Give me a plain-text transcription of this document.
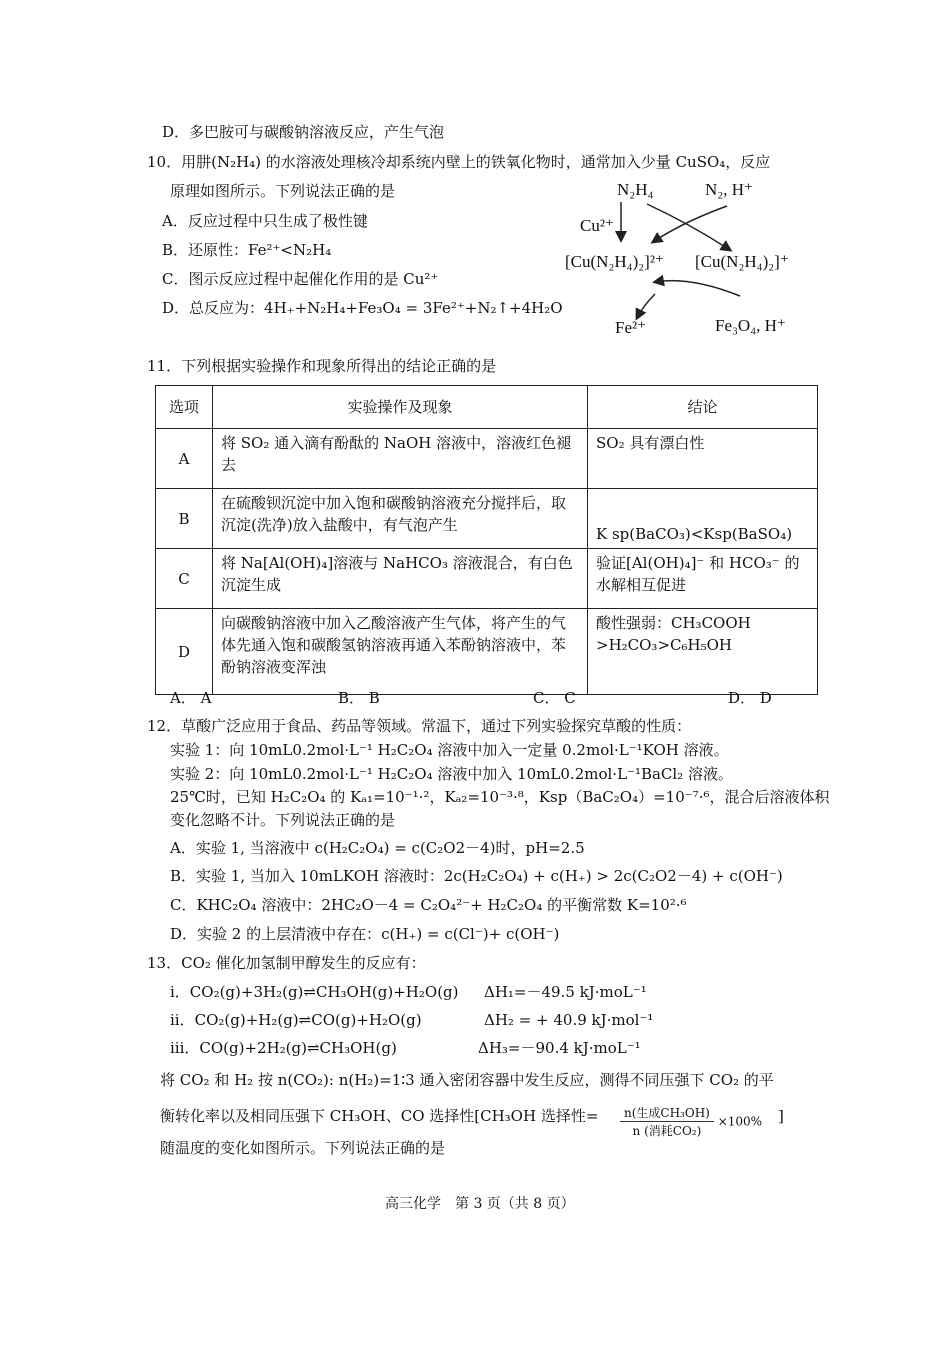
D．多巴胺可与碳酸钠溶液反应，产生气泡
10．用肼(N₂H₄) 的水溶液处理核冷却系统内壁上的铁氧化物时，通常加入少量 CuSO₄，反应
原理如图所示。下列说法正确的是
A．反应过程中只生成了极性键
B．还原性：Fe²⁺<N₂H₄
C．图示反应过程中起催化作用的是 Cu²⁺
D．总反应为：4H₊+N₂H₄+Fe₃O₄ = 3Fe²⁺+N₂↑+4H₂O
N₂H₄	N₂, H⁺
Cu²⁺
[Cu(N₂H₄)₂]²⁺ [Cu(N₂H₄)₂]⁺
Fe²⁺	Fe₃O₄, H⁺
11．下列根据实验操作和现象所得出的结论正确的是
选项	实验操作及现象	结论
A	将 SO₂ 通入滴有酚酞的 NaOH 溶液中，溶液红色褪去	SO₂ 具有漂白性
B	在硫酸钡沉淀中加入饱和碳酸钠溶液充分搅拌后，取沉淀(洗净)放入盐酸中，有气泡产生	K sp(BaCO₃)<Ksp(BaSO₄)
C	将 Na[Al(OH)₄]溶液与 NaHCO₃ 溶液混合，有白色沉淀生成	验证[Al(OH)₄]⁻ 和 HCO₃⁻ 的水解相互促进
D	向碳酸钠溶液中加入乙酸溶液产生气体，将产生的气体先通入饱和碳酸氢钠溶液再通入苯酚钠溶液中，苯酚钠溶液变浑浊	酸性强弱：CH₃COOH >H₂CO₃>C₆H₅OH
A． A	B． B	C． C	D． D
12．草酸广泛应用于食品、药品等领域。常温下，通过下列实验探究草酸的性质：
实验 1：向 10mL0.2mol·L⁻¹ H₂C₂O₄ 溶液中加入一定量 0.2mol·L⁻¹KOH 溶液。
实验 2：向 10mL0.2mol·L⁻¹ H₂C₂O₄ 溶液中加入 10mL0.2mol·L⁻¹BaCl₂ 溶液。
25℃时，已知 H₂C₂O₄ 的 Kₐ₁=10⁻¹·²，Kₐ₂=10⁻³·⁸，Ksp（BaC₂O₄）=10⁻⁷·⁶，混合后溶液体积
变化忽略不计。下列说法正确的是
A．实验 1, 当溶液中 c(H₂C₂O₄) = c(C₂O2－4)时，pH=2.5
B．实验 1, 当加入 10mLKOH 溶液时：2c(H₂C₂O₄) + c(H₊) > 2c(C₂O2－4) + c(OH⁻)
C．KHC₂O₄ 溶液中：2HC₂O－4 = C₂O₄²⁻+ H₂C₂O₄ 的平衡常数 K=10²·⁶
D．实验 2 的上层清液中存在：c(H₊) = c(Cl⁻)+ c(OH⁻)
13．CO₂ 催化加氢制甲醇发生的反应有：
i．CO₂(g)+3H₂(g)⇌CH₃OH(g)+H₂O(g) ΔH₁=－49.5 kJ·moL⁻¹
ii．CO₂(g)+H₂(g)⇌CO(g)+H₂O(g)	ΔH₂ = + 40.9 kJ·mol⁻¹
iii．CO(g)+2H₂(g)⇌CH₃OH(g)	ΔH₃=－90.4 kJ·moL⁻¹
将 CO₂ 和 H₂ 按 n(CO₂): n(H₂)=1∶3 通入密闭容器中发生反应，测得不同压强下 CO₂ 的平
衡转化率以及相同压强下 CH₃OH、CO 选择性[CH₃OH 选择性= $\frac{\text{n(生成CH₃OH)}}{\text{n (消耗CO₂)}} \times 100\%$ ]
随温度的变化如图所示。下列说法正确的是
高三化学　第 3 页（共 8 页）
